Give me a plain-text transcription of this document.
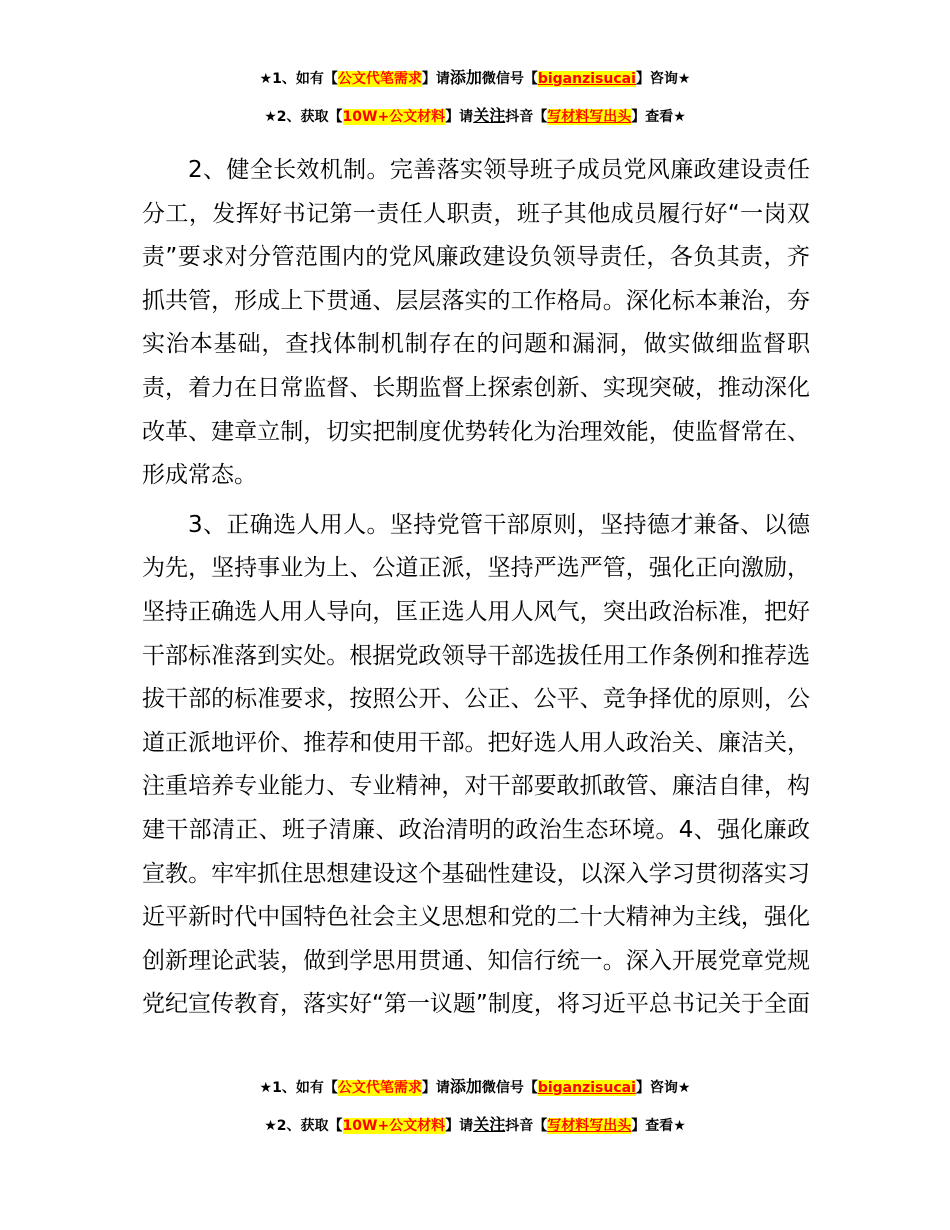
★1、如有【公文代笔需求】请添加微信号【biganzisucai】咨询★
★2、获取【10W+公文材料】请关注抖音【写材料写出头】查看★

2、健全长效机制。完善落实领导班子成员党风廉政建设责任分工，发挥好书记第一责任人职责，班子其他成员履行好“一岗双责”要求对分管范围内的党风廉政建设负领导责任，各负其责，齐抓共管，形成上下贯通、层层落实的工作格局。深化标本兼治，夯实治本基础，查找体制机制存在的问题和漏洞，做实做细监督职责，着力在日常监督、长期监督上探索创新、实现突破，推动深化改革、建章立制，切实把制度优势转化为治理效能，使监督常在、形成常态。

3、正确选人用人。坚持党管干部原则，坚持德才兼备、以德为先，坚持事业为上、公道正派，坚持严选严管，强化正向激励，坚持正确选人用人导向，匡正选人用人风气，突出政治标准，把好干部标准落到实处。根据党政领导干部选拔任用工作条例和推荐选拔干部的标准要求，按照公开、公正、公平、竞争择优的原则，公道正派地评价、推荐和使用干部。把好选人用人政治关、廉洁关，注重培养专业能力、专业精神，对干部要敢抓敢管、廉洁自律，构建干部清正、班子清廉、政治清明的政治生态环境。4、强化廉政宣教。牢牢抓住思想建设这个基础性建设，以深入学习贯彻落实习近平新时代中国特色社会主义思想和党的二十大精神为主线，强化创新理论武装，做到学思用贯通、知信行统一。深入开展党章党规党纪宣传教育，落实好“第一议题”制度，将习近平总书记关于全面

★1、如有【公文代笔需求】请添加微信号【biganzisucai】咨询★
★2、获取【10W+公文材料】请关注抖音【写材料写出头】查看★
